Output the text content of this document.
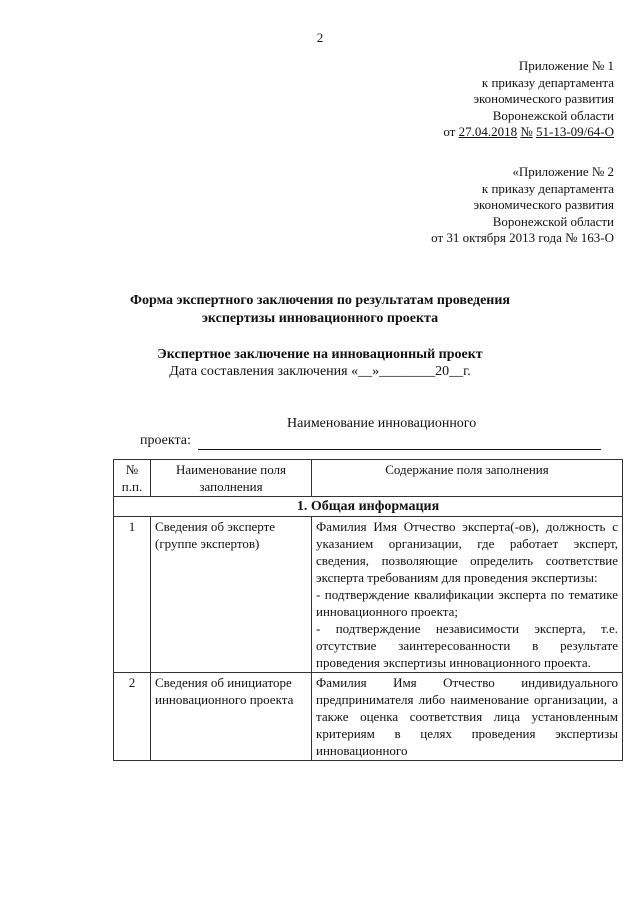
2
Приложение № 1
к приказу департамента
экономического развития
Воронежской области
от 27.04.2018 № 51-13-09/64-О
«Приложение № 2
к приказу департамента
экономического развития
Воронежской области
от 31 октября 2013 года № 163-О
Форма экспертного заключения по результатам проведения
экспертизы инновационного проекта
Экспертное заключение на инновационный проект
Дата составления заключения «__»________20__г.
Наименование инновационного
проекта:
№ п.п.	Наименование поля заполнения	Содержание поля заполнения
1. Общая информация		
1	Сведения об эксперте (группе экспертов)	Фамилия Имя Отчество эксперта(-ов), должность с указанием организации, где работает эксперт, сведения, позволяющие определить соответствие эксперта требованиям для проведения экспертизы:

- подтверждение квалификации эксперта по тематике инновационного проекта;

- подтверждение независимости эксперта, т.е. отсутствие заинтересованности в результате проведения экспертизы инновационного проекта.

2	Сведения об инициаторе инновационного проекта	Фамилия Имя Отчество индивидуального предпринимателя либо наименование организации, а также оценка соответствия лица установленным критериям в целях проведения экспертизы инновационного
